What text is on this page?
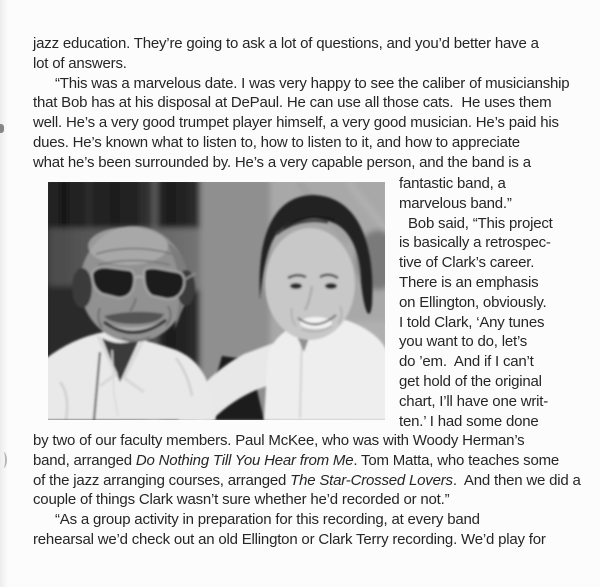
jazz education. They’re going to ask a lot of questions, and you’d better have a
lot of answers.
“This was a marvelous date. I was very happy to see the caliber of musicianship
that Bob has at his disposal at DePaul. He can use all those cats.  He uses them
well. He’s a very good trumpet player himself, a very good musician. He’s paid his
dues. He’s known what to listen to, how to listen to it, and how to appreciate
what he’s been surrounded by. He’s a very capable person, and the band is a
fantastic band, a
marvelous band.”
Bob said, “This project
is basically a retrospec-
tive of Clark’s career.
There is an emphasis
on Ellington, obviously.
I told Clark, ‘Any tunes
you want to do, let’s
do ’em.  And if I can’t
get hold of the original
chart, I’ll have one writ-
ten.’ I had some done
by two of our faculty members. Paul McKee, who was with Woody Herman’s
band, arranged Do Nothing Till You Hear from Me. Tom Matta, who teaches some
of the jazz arranging courses, arranged The Star-Crossed Lovers.  And then we did a
couple of things Clark wasn’t sure whether he’d recorded or not.”
“As a group activity in preparation for this recording, at every band
rehearsal we’d check out an old Ellington or Clark Terry recording. We’d play for
